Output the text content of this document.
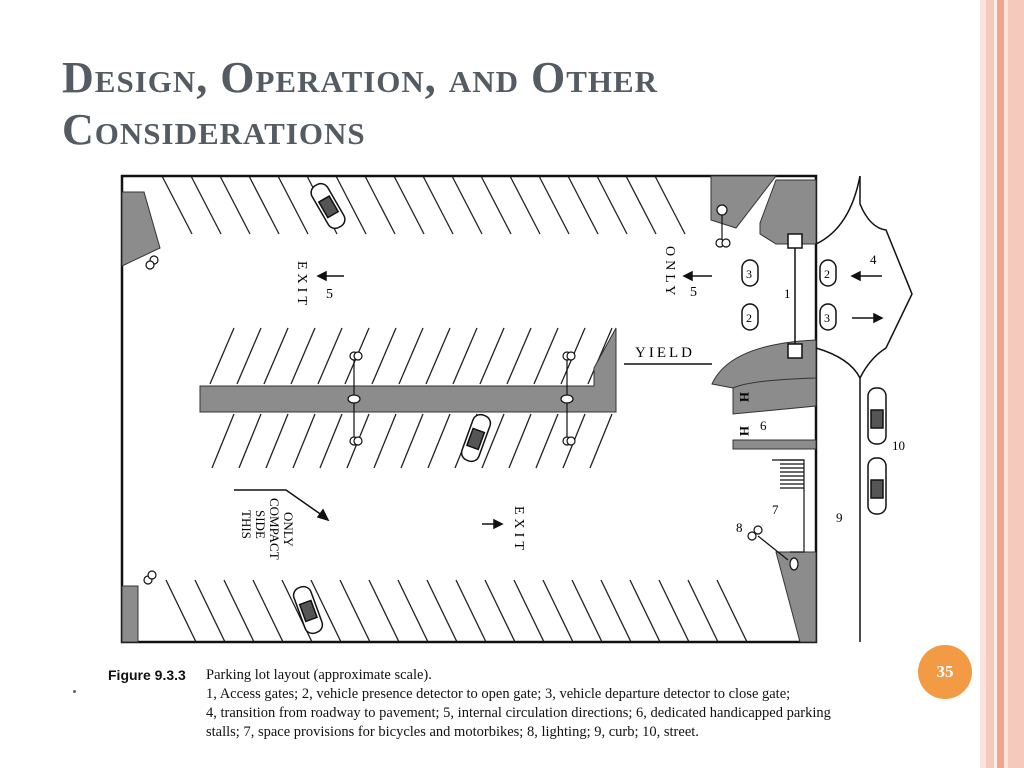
Design, Operation, and Other
Considerations
EXIT 5	ONLY 5
YIELD
EXIT
ONLY
COMPACT
SIDE
THIS
H
H
3
2
2
3
1
4
6
7
8
9
10
Figure 9.3.3 Parking lot layout (approximate scale).
1, Access gates; 2, vehicle presence detector to open gate; 3, vehicle departure detector to close gate;
4, transition from roadway to pavement; 5, internal circulation directions; 6, dedicated handicapped parking
stalls; 7, space provisions for bicycles and motorbikes; 8, lighting; 9, curb; 10, street.
35
